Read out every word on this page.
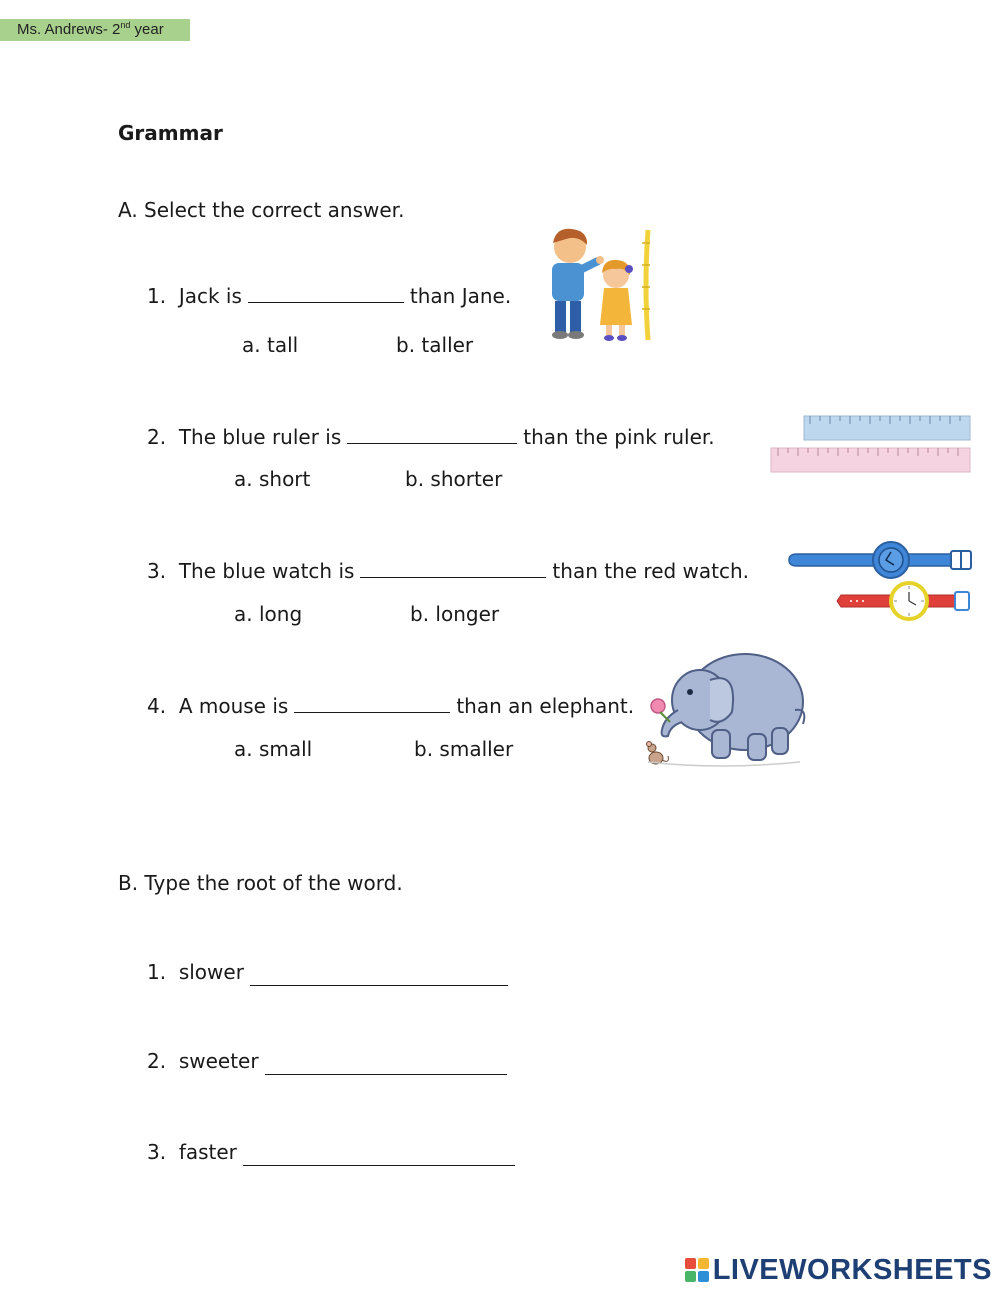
Ms. Andrews- 2nd year
Grammar
A. Select the correct answer.
1. Jack is	than Jane.
a. tall	b. taller
2. The blue ruler is	than the pink ruler.
a. short	b. shorter
3. The blue watch is	than the red watch.
a. long	b. longer
4. A mouse is	than an elephant.
a. small	b. smaller
B. Type the root of the word.
1. slower
2. sweeter
3. faster
LIVEWORKSHEETS
